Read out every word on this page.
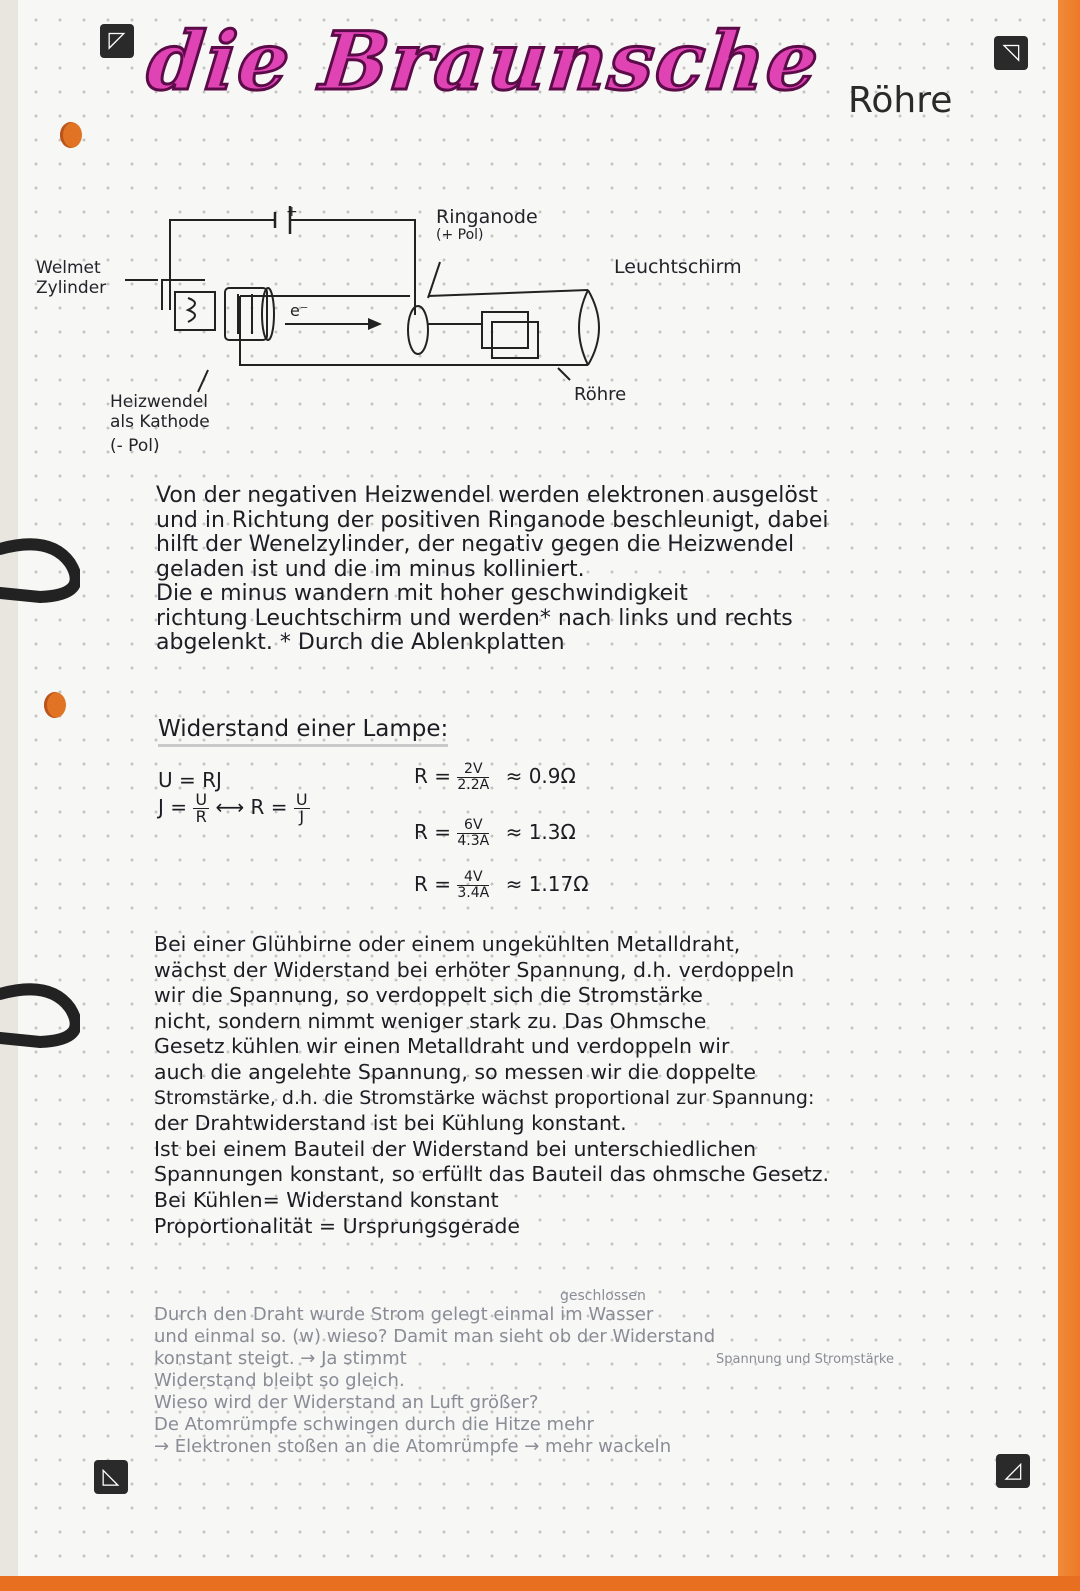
◸	◹
◺	◿
die Braunsche Röhre
+
e⁻
Welmet
Zylinder
Ringanode
(+ Pol)
Leuchtschirm
Röhre
Heizwendel
als Kathode
(- Pol)
Von der negativen Heizwendel werden elektronen ausgelöst
und in Richtung der positiven Ringanode beschleunigt, dabei
hilft der Wenelzylinder, der negativ gegen die Heizwendel
geladen ist und die im minus kolliniert.
Die e minus wandern mit hoher geschwindigkeit
richtung Leuchtschirm und werden* nach links und rechts
abgelenkt. * Durch die Ablenkplatten
Widerstand einer Lampe:
U = RJ
$J = \frac{U}{R}$ ⟷ $R = \frac{U}{J}$
$R = \frac{2V}{2.2A} \approx 0.9\Omega$
$R = \frac{6V}{4.3A} \approx 1.3\Omega$
$R = \frac{4V}{3.4A} \approx 1.17\Omega$
Bei einer Glühbirne oder einem ungekühlten Metalldraht,
wächst der Widerstand bei erhöter Spannung, d.h. verdoppeln
wir die Spannung, so verdoppelt sich die Stromstärke
nicht, sondern nimmt weniger stark zu. Das Ohmsche
Gesetz kühlen wir einen Metalldraht und verdoppeln wir
auch die angelehte Spannung, so messen wir die doppelte
Stromstärke, d.h. die Stromstärke wächst proportional zur Spannung:
der Drahtwiderstand ist bei Kühlung konstant.
Ist bei einem Bauteil der Widerstand bei unterschiedlichen
Spannungen konstant, so erfüllt das Bauteil das ohmsche Gesetz.
Bei Kühlen= Widerstand konstant
Proportionalität = Ursprungsgerade
geschlossen
Durch den Draht wurde Strom gelegt einmal im Wasser
und einmal so. (w) wieso? Damit man sieht ob der Widerstand
konstant steigt. → Ja stimmt
Widerstand bleibt so gleich.
Wieso wird der Widerstand an Luft größer?
De Atomrümpfe schwingen durch die Hitze mehr
→ Elektronen stoßen an die Atomrümpfe → mehr wackeln
Spannung und Stromstärke
